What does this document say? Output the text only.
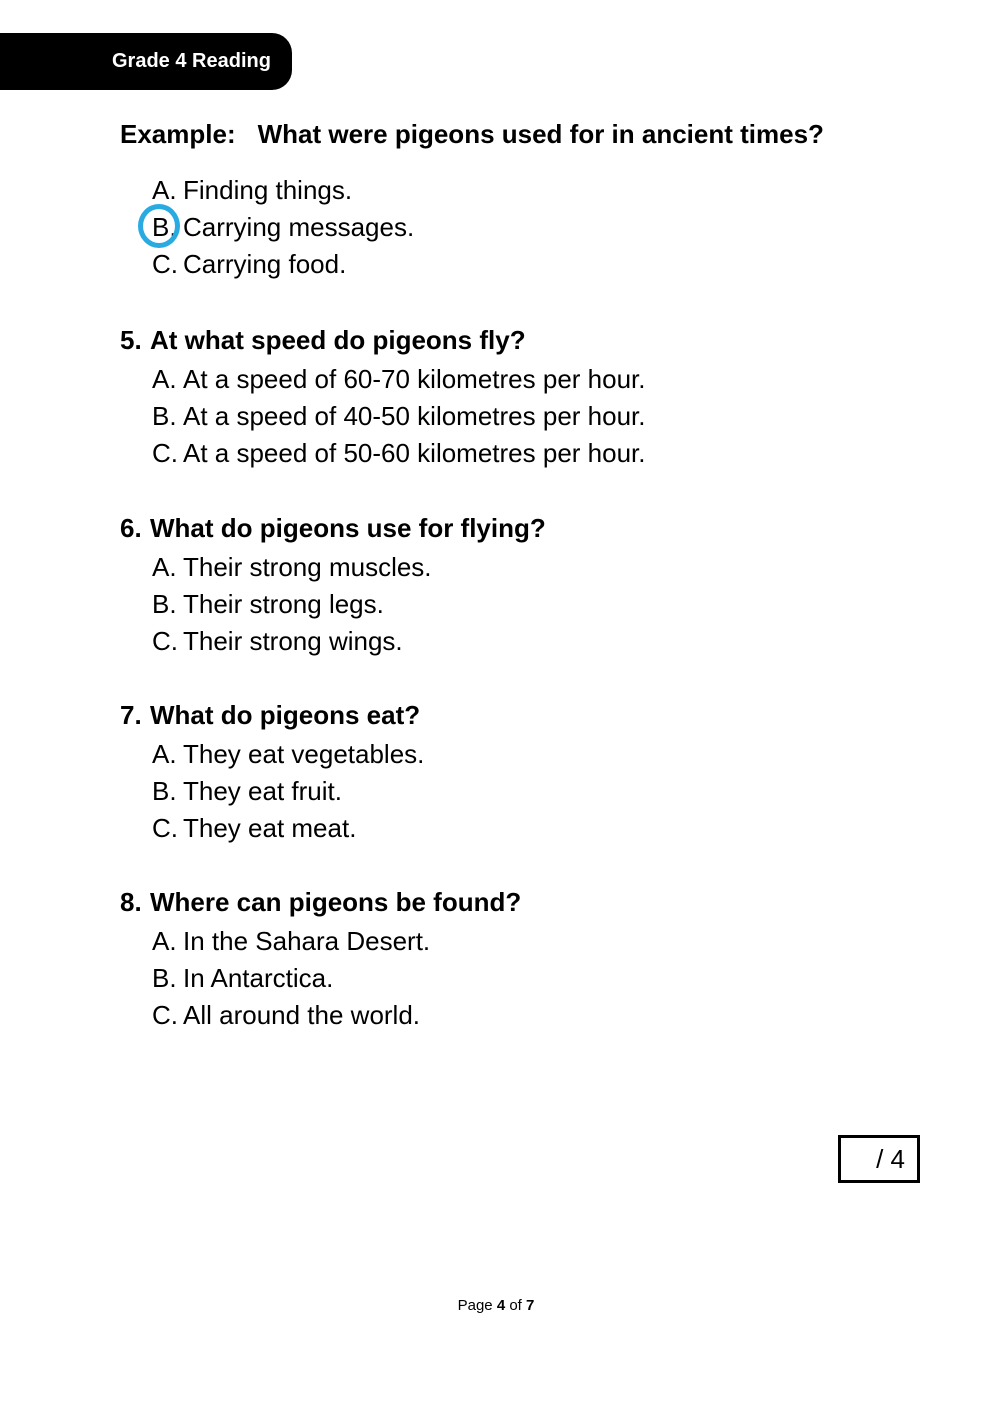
Grade 4 Reading
Example: What were pigeons used for in ancient times?
A. Finding things.
B. Carrying messages.
C. Carrying food.
5. At what speed do pigeons fly?
A. At a speed of 60-70 kilometres per hour.
B. At a speed of 40-50 kilometres per hour.
C. At a speed of 50-60 kilometres per hour.
6. What do pigeons use for flying?
A. Their strong muscles.
B. Their strong legs.
C. Their strong wings.
7. What do pigeons eat?
A. They eat vegetables.
B. They eat fruit.
C. They eat meat.
8. Where can pigeons be found?
A. In the Sahara Desert.
B. In Antarctica.
C. All around the world.
/ 4
Page 4 of 7
